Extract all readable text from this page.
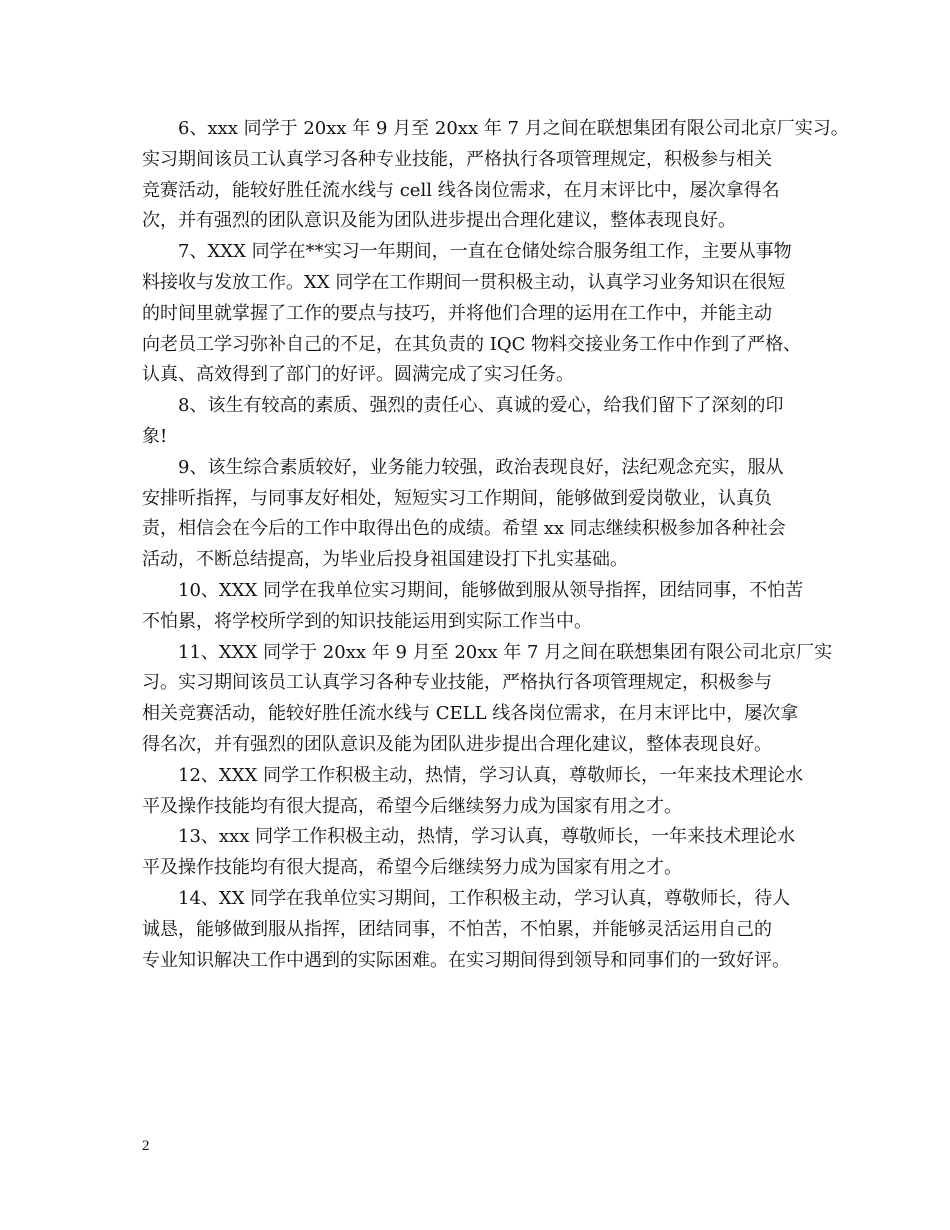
6、xxx 同学于 20xx 年 9 月至 20xx 年 7 月之间在联想集团有限公司北京厂实习。
实习期间该员工认真学习各种专业技能，严格执行各项管理规定，积极参与相关
竞赛活动，能较好胜任流水线与 cell 线各岗位需求，在月末评比中，屡次拿得名
次，并有强烈的团队意识及能为团队进步提出合理化建议，整体表现良好。

7、XXX 同学在**实习一年期间，一直在仓储处综合服务组工作，主要从事物
料接收与发放工作。XX 同学在工作期间一贯积极主动，认真学习业务知识在很短
的时间里就掌握了工作的要点与技巧，并将他们合理的运用在工作中，并能主动
向老员工学习弥补自己的不足，在其负责的 IQC 物料交接业务工作中作到了严格、
认真、高效得到了部门的好评。圆满完成了实习任务。

8、该生有较高的素质、强烈的责任心、真诚的爱心，给我们留下了深刻的印
象!

9、该生综合素质较好，业务能力较强，政治表现良好，法纪观念充实，服从
安排听指挥，与同事友好相处，短短实习工作期间，能够做到爱岗敬业，认真负
责，相信会在今后的工作中取得出色的成绩。希望 xx 同志继续积极参加各种社会
活动，不断总结提高，为毕业后投身祖国建设打下扎实基础。

10、XXX 同学在我单位实习期间，能够做到服从领导指挥，团结同事，不怕苦
不怕累，将学校所学到的知识技能运用到实际工作当中。

11、XXX 同学于 20xx 年 9 月至 20xx 年 7 月之间在联想集团有限公司北京厂实
习。实习期间该员工认真学习各种专业技能，严格执行各项管理规定，积极参与
相关竞赛活动，能较好胜任流水线与 CELL 线各岗位需求，在月末评比中，屡次拿
得名次，并有强烈的团队意识及能为团队进步提出合理化建议，整体表现良好。

12、XXX 同学工作积极主动，热情，学习认真，尊敬师长，一年来技术理论水
平及操作技能均有很大提高，希望今后继续努力成为国家有用之才。

13、xxx 同学工作积极主动，热情，学习认真，尊敬师长，一年来技术理论水
平及操作技能均有很大提高，希望今后继续努力成为国家有用之才。

14、XX 同学在我单位实习期间，工作积极主动，学习认真，尊敬师长，待人
诚恳，能够做到服从指挥，团结同事，不怕苦，不怕累，并能够灵活运用自己的
专业知识解决工作中遇到的实际困难。在实习期间得到领导和同事们的一致好评。

2
